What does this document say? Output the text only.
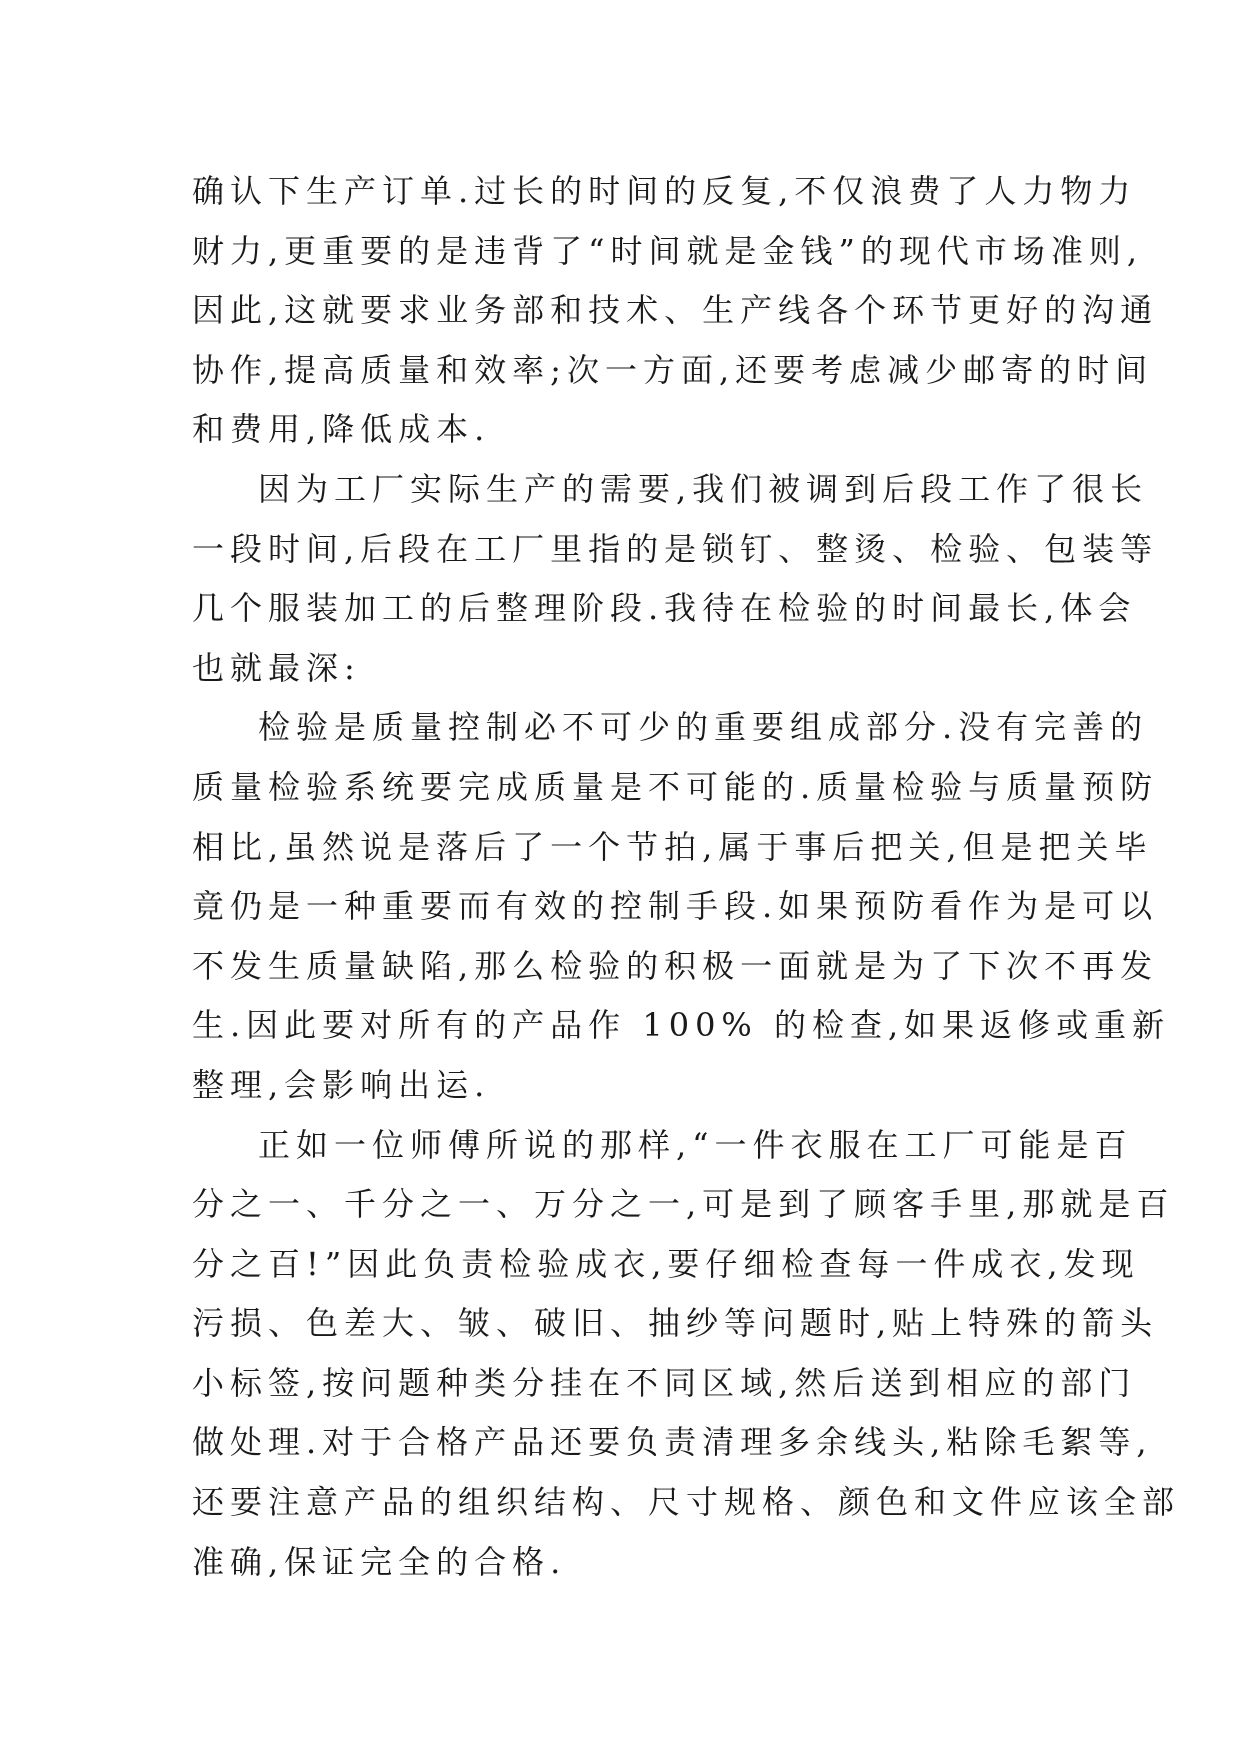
确认下生产订单.过长的时间的反复,不仅浪费了人力物力
财力,更重要的是违背了“时间就是金钱”的现代市场准则,
因此,这就要求业务部和技术、生产线各个环节更好的沟通
协作,提高质量和效率;次一方面,还要考虑减少邮寄的时间
和费用,降低成本.
因为工厂实际生产的需要,我们被调到后段工作了很长
一段时间,后段在工厂里指的是锁钉、整烫、检验、包装等
几个服装加工的后整理阶段.我待在检验的时间最长,体会
也就最深:
检验是质量控制必不可少的重要组成部分.没有完善的
质量检验系统要完成质量是不可能的.质量检验与质量预防
相比,虽然说是落后了一个节拍,属于事后把关,但是把关毕
竟仍是一种重要而有效的控制手段.如果预防看作为是可以
不发生质量缺陷,那么检验的积极一面就是为了下次不再发
生.因此要对所有的产品作 100% 的检查,如果返修或重新
整理,会影响出运.
正如一位师傅所说的那样,“一件衣服在工厂可能是百
分之一、千分之一、万分之一,可是到了顾客手里,那就是百
分之百!”因此负责检验成衣,要仔细检查每一件成衣,发现
污损、色差大、皱、破旧、抽纱等问题时,贴上特殊的箭头
小标签,按问题种类分挂在不同区域,然后送到相应的部门
做处理.对于合格产品还要负责清理多余线头,粘除毛絮等,
还要注意产品的组织结构、尺寸规格、颜色和文件应该全部
准确,保证完全的合格.
